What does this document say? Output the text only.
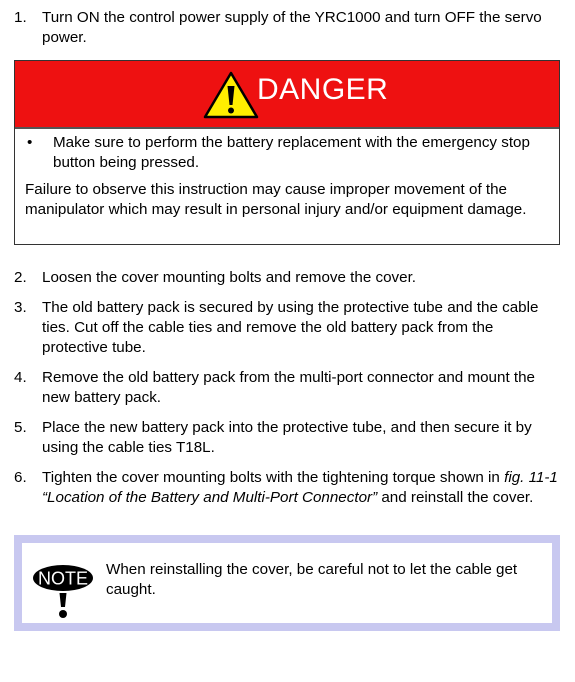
1. Turn ON the control power supply of the YRC1000 and turn OFF the servo power.
DANGER
• Make sure to perform the battery replacement with the emergency stop button being pressed.
Failure to observe this instruction may cause improper movement of the manipulator which may result in personal injury and/or equipment damage.
2. Loosen the cover mounting bolts and remove the cover.
3. The old battery pack is secured by using the protective tube and the cable ties. Cut off the cable ties and remove the old battery pack from the protective tube.
4. Remove the old battery pack from the multi-port connector and mount the new battery pack.
5. Place the new battery pack into the protective tube, and then secure it by using the cable ties T18L.
6. Tighten the cover mounting bolts with the tightening torque shown in fig. 11-1 “Location of the Battery and Multi-Port Connector” and reinstall the cover.
NOTE When reinstalling the cover, be careful not to let the cable get caught.
